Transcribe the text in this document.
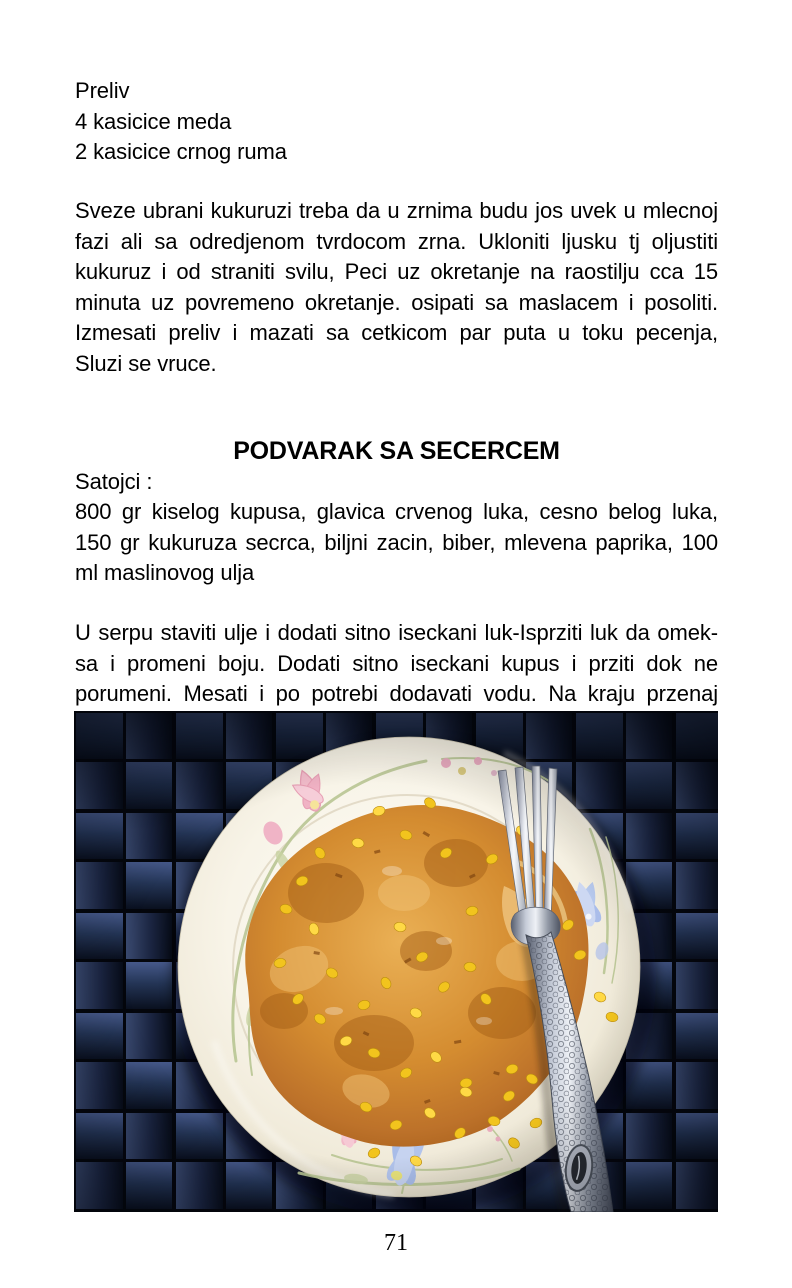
Preliv
4 kasicice meda
2 kasicice crnog ruma
Sveze ubrani kukuruzi treba da u zrnima budu jos uvek u mlecnoj
fazi ali sa odredjenom tvrdocom zrna. Ukloniti ljusku tj oljustiti
kukuruz i od straniti svilu, Peci uz okretanje na raostilju cca 15
minuta uz povremeno okretanje. osipati sa maslacem i posoliti.
Izmesati preliv i mazati sa cetkicom par puta u toku pecenja,
Sluzi se vruce.
PODVARAK SA SECERCEM
Satojci :
800 gr kiselog kupusa, glavica crvenog luka, cesno belog luka,
150 gr kukuruza secrca, biljni zacin, biber, mlevena paprika, 100
ml maslinovog ulja
U serpu staviti ulje i dodati sitno iseckani luk-Isprziti luk da omek-
sa i promeni boju. Dodati sitno iseckani kupus i prziti dok ne
porumeni. Mesati i po potrebi dodavati vodu. Na kraju przenaj
71
